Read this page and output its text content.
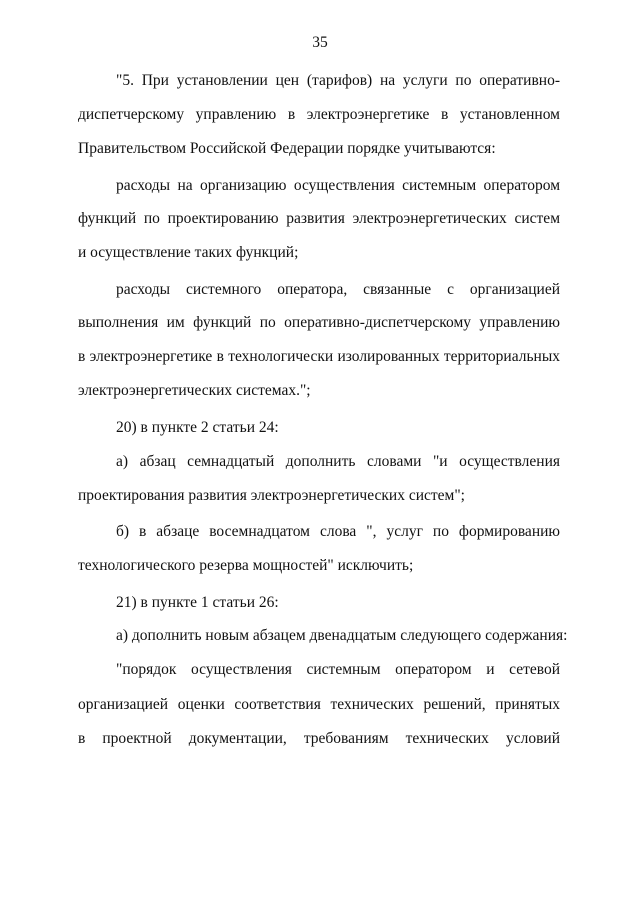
35
"5. При установлении цен (тарифов) на услуги по оперативно-
диспетчерскому управлению в электроэнергетике в установленном
Правительством Российской Федерации порядке учитываются:
расходы на организацию осуществления системным оператором
функций по проектированию развития электроэнергетических систем
и осуществление таких функций;
расходы системного оператора, связанные с организацией
выполнения им функций по оперативно-диспетчерскому управлению
в электроэнергетике в технологически изолированных территориальных
электроэнергетических системах.";
20) в пункте 2 статьи 24:
а) абзац семнадцатый дополнить словами "и осуществления
проектирования развития электроэнергетических систем";
б) в абзаце восемнадцатом слова ", услуг по формированию
технологического резерва мощностей" исключить;
21) в пункте 1 статьи 26:
а) дополнить новым абзацем двенадцатым следующего содержания:
"порядок осуществления системным оператором и сетевой
организацией оценки соответствия технических решений, принятых
в проектной документации, требованиям технических условий
